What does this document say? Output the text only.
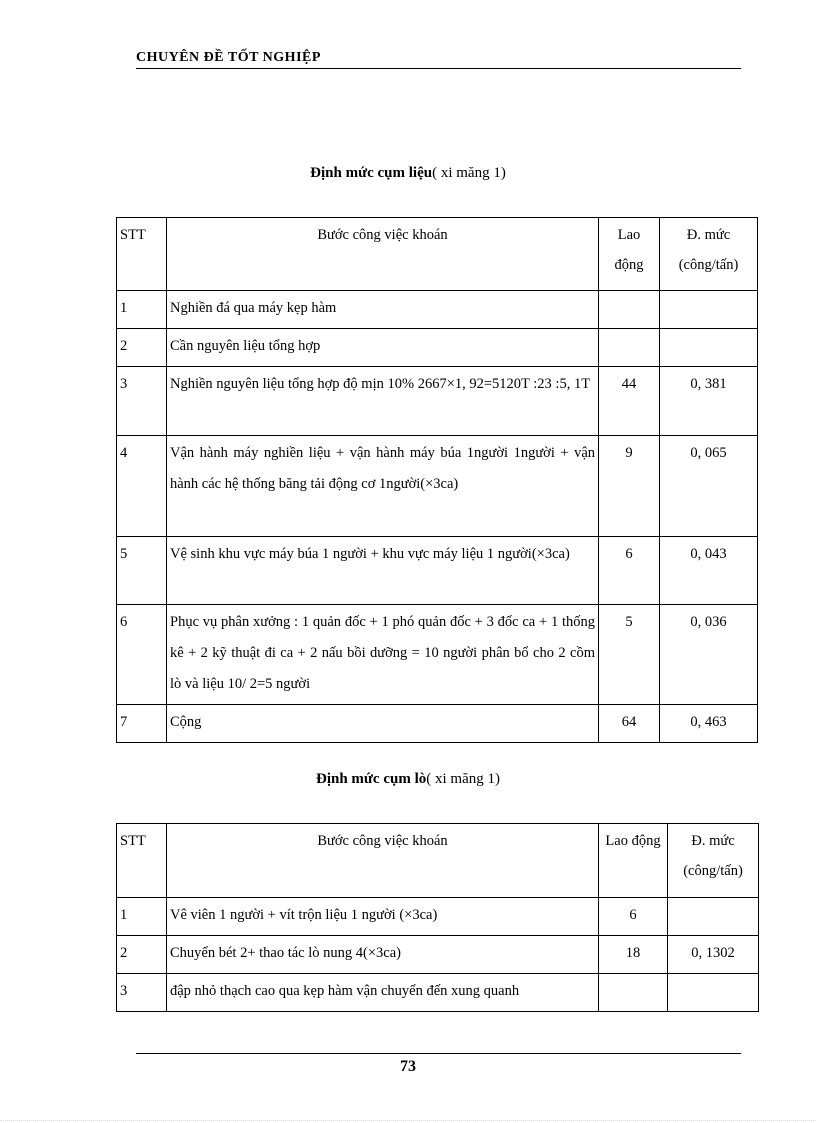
CHUYÊN ĐỀ TỐT NGHIỆP
Định mức cụm liệu( xi măng 1)
STT	Bước công việc khoán	Lao động	Đ. mức (công/tấn)
1	Nghiền đá qua máy kẹp hàm		
2	Cần nguyên liệu tổng hợp		
3	Nghiền nguyên liệu tổng hợp độ mịn 10% 2667×1, 92=5120T :23 :5, 1T	44	0, 381
4	Vận hành máy nghiền liệu + vận hành máy búa 1người 1người + vận hành các hệ thống băng tải động cơ 1người(×3ca)	9	0, 065
5	Vệ sinh khu vực máy búa 1 người + khu vực máy liệu 1 người(×3ca)	6	0, 043
6	Phục vụ phân xưởng : 1 quản đốc + 1 phó quản đốc + 3 đốc ca + 1 thống kê + 2 kỹ thuật đi ca + 2 nấu bồi dưỡng = 10 người phân bổ cho 2 cồm lò và liệu 10/ 2=5 người	5	0, 036
7	Cộng	64	0, 463
Định mức cụm lò( xi măng 1)
STT	Bước công việc khoán	Lao động	Đ. mức (công/tấn)
1	Vê viên 1 người + vít trộn liệu 1 người (×3ca)	6	
2	Chuyển bét 2+ thao tác lò nung 4(×3ca)	18	0, 1302
3	đập nhỏ thạch cao qua kẹp hàm vận chuyển đến xung quanh		
73
